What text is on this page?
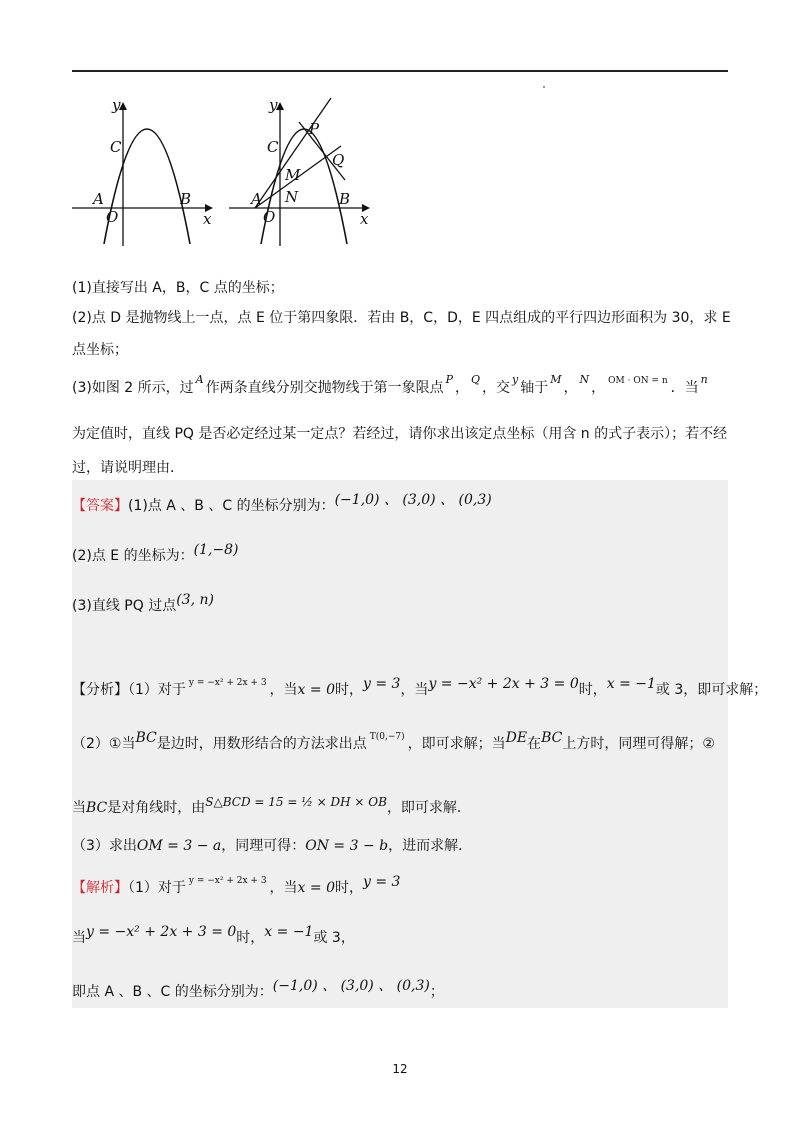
y
x
C
A
O
B
y
x
C
P
Q
M
N
A
O
B
(1)直接写出 A，B，C 点的坐标；
(2)点 D 是抛物线上一点，点 E 位于第四象限．若由 B，C，D，E 四点组成的平行四边形面积为 30，求 E
点坐标；
(3)如图 2 所示，过$^A$作两条直线分别交抛物线于第一象限点$^P$，$^Q$，交$^y$轴于$^M$，$^N$， $^{OM \cdot ON = n}$ ．当$^n$
为定值时，直线 PQ 是否必定经过某一定点？若经过，请你求出该定点坐标（用含 n 的式子表示）；若不经
过，请说明理由．
【答案】(1)点 A 、B 、C 的坐标分别为：(−1,0) 、 (3,0) 、 (0,3)
(2)点 E 的坐标为：(1,−8)
(3)直线 PQ 过点(3, n)
【分析】（1）对于 $^{y = -x^2 + 2x + 3}$ ，当x = 0时，y = 3，当y = −x² + 2x + 3 = 0时，x = −1或 3，即可求解；
（2）①当BC是边时，用数形结合的方法求出点 $^{T(0,-7)}$ ，即可求解；当DE在BC上方时，同理可得解；②
当BC是对角线时，由S△BCD = 15 = ½ × DH × OB，即可求解．
（3）求出OM = 3 − a，同理可得：ON = 3 − b，进而求解．
【解析】（1）对于 $^{y = -x^2 + 2x + 3}$ ，当x = 0时，y = 3
当y = −x² + 2x + 3 = 0时，x = −1或 3，
即点 A 、B 、C 的坐标分别为：(−1,0) 、 (3,0) 、 (0,3)；
12
